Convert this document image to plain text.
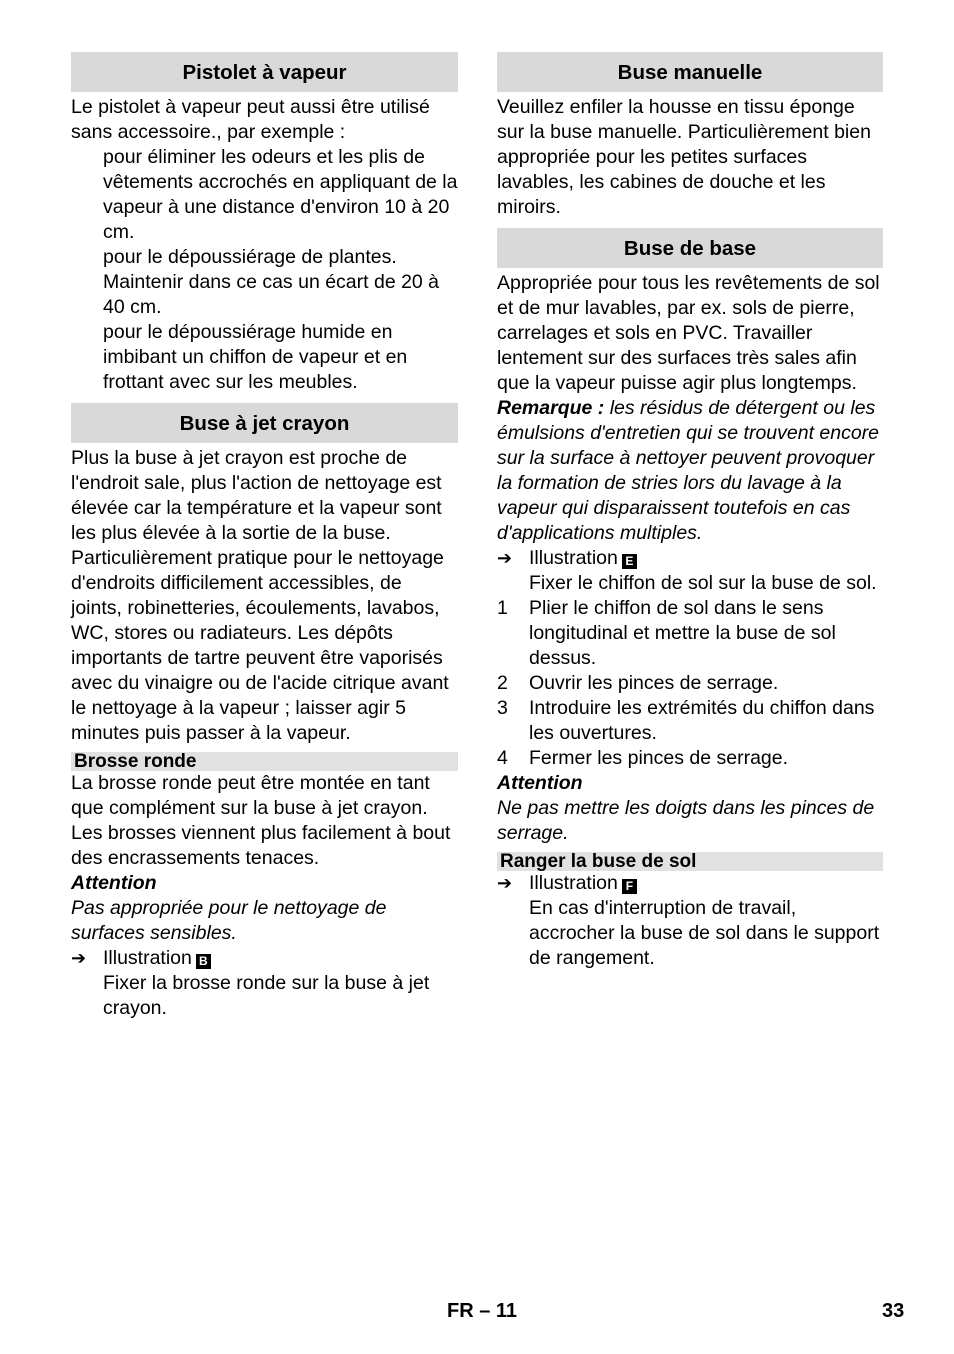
Pistolet à vapeur

Le pistolet à vapeur peut aussi être utilisé sans accessoire., par exemple :

pour éliminer les odeurs et les plis de vêtements accrochés en appliquant de la vapeur à une distance d'environ 10 à 20 cm.
pour le dépoussiérage de plantes. Maintenir dans ce cas un écart de 20 à 40 cm.
pour le dépoussiérage humide en imbibant un chiffon de vapeur et en frottant avec sur les meubles.
Buse à jet crayon

Plus la buse à jet crayon est proche de l'endroit sale, plus l'action de nettoyage est élevée car la température et la vapeur sont les plus élevée à la sortie de la buse. Particulièrement pratique pour le nettoyage d'endroits difficilement accessibles, de joints, robinetteries, écoulements, lavabos, WC, stores ou radiateurs. Les dépôts importants de tartre peuvent être vaporisés avec du vinaigre ou de l'acide citrique avant le nettoyage à la vapeur ; laisser agir 5 minutes puis passer à la vapeur.

Brosse ronde

La brosse ronde peut être montée en tant que complément sur la buse à jet crayon. Les brosses viennent plus facilement à bout des encrassements tenaces.

Attention

Pas appropriée pour le nettoyage de surfaces sensibles.

➔ Illustration B
Fixer la brosse ronde sur la buse à jet crayon.
Buse manuelle

Veuillez enfiler la housse en tissu éponge sur la buse manuelle. Particulièrement bien appropriée pour les petites surfaces lavables, les cabines de douche et les miroirs.

Buse de base

Appropriée pour tous les revêtements de sol et de mur lavables, par ex. sols de pierre, carrelages et sols en PVC. Travailler lentement sur des surfaces très sales afin que la vapeur puisse agir plus longtemps.

Remarque : les résidus de détergent ou les émulsions d'entretien qui se trouvent encore sur la surface à nettoyer peuvent provoquer la formation de stries lors du lavage à la vapeur qui disparaissent toutefois en cas d'applications multiples.

➔ Illustration E
Fixer le chiffon de sol sur la buse de sol.
1	Plier le chiffon de sol dans le sens longitudinal et mettre la buse de sol dessus.
2	Ouvrir les pinces de serrage.
3	Introduire les extrémités du chiffon dans les ouvertures.
4	Fermer les pinces de serrage.

Attention

Ne pas mettre les doigts dans les pinces de serrage.

Ranger la buse de sol
➔ Illustration F
En cas d'interruption de travail, accrocher la buse de sol dans le support de rangement.
FR – 11	33
